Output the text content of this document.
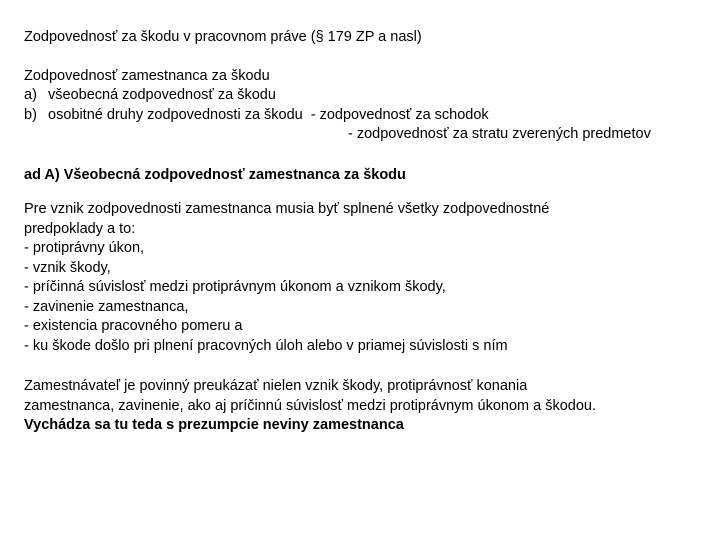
Zodpovednosť za škodu v pracovnom práve (§ 179 ZP a nasl)
Zodpovednosť zamestnanca za škodu
a) všeobecná zodpovednosť za škodu
b) osobitné druhy zodpovednosti za škodu - zodpovednosť za schodok
- zodpovednosť za stratu zverených predmetov
ad A) Všeobecná zodpovednosť zamestnanca za škodu
Pre vznik zodpovednosti zamestnanca musia byť splnené všetky zodpovednostné
predpoklady a to:
- protiprávny úkon,
- vznik škody,
- príčinná súvislosť medzi protiprávnym úkonom a vznikom škody,
- zavinenie zamestnanca,
- existencia pracovného pomeru a
- ku škode došlo pri plnení pracovných úloh alebo v priamej súvislosti s ním
Zamestnávateľ je povinný preukázať nielen vznik škody, protiprávnosť konania
zamestnanca, zavinenie, ako aj príčinnú súvislosť medzi protiprávnym úkonom a škodou.
Vychádza sa tu teda s prezumpcie neviny zamestnanca
